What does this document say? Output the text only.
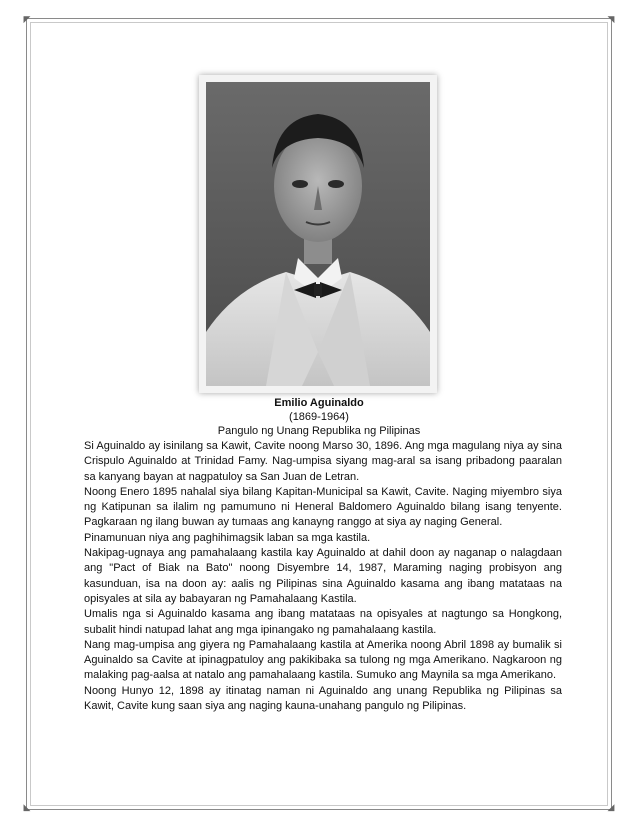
◤	◥
◣	◢
Emilio Aguinaldo
(1869-1964)
Pangulo ng Unang Republika ng Pilipinas

Si Aguinaldo ay isinilang sa Kawit, Cavite noong Marso 30, 1896. Ang mga magulang niya ay sina Crispulo Aguinaldo at Trinidad Famy. Nag-umpisa siyang mag-aral sa isang pribadong paaralan sa kanyang bayan at nagpatuloy sa San Juan de Letran.

Noong Enero 1895 nahalal siya bilang Kapitan-Municipal sa Kawit, Cavite. Naging miyembro siya ng Katipunan sa ilalim ng pamumuno ni Heneral Baldomero Aguinaldo bilang isang tenyente. Pagkaraan ng ilang buwan ay tumaas ang kanayng ranggo at siya ay naging General.

Pinamunuan niya ang paghihimagsik laban sa mga kastila.

Nakipag-ugnaya ang pamahalaang kastila kay Aguinaldo at dahil doon ay naganap o nalagdaan ang "Pact of Biak na Bato" noong Disyembre 14, 1987, Maraming naging probisyon ang kasunduan, isa na doon ay: aalis ng Pilipinas sina Aguinaldo kasama ang ibang matataas na opisyales at sila ay babayaran ng Pamahalaang Kastila.

Umalis nga si Aguinaldo kasama ang ibang matataas na opisyales at nagtungo sa Hongkong, subalit hindi natupad lahat ang mga ipinangako ng pamahalaang kastila.

Nang mag-umpisa ang giyera ng Pamahalaang kastila at Amerika noong Abril 1898 ay bumalik si Aguinaldo sa Cavite at ipinagpatuloy ang pakikibaka sa tulong ng mga Amerikano. Nagkaroon ng malaking pag-aalsa at natalo ang pamahalaang kastila. Sumuko ang Maynila sa mga Amerikano.

Noong Hunyo 12, 1898 ay itinatag naman ni Aguinaldo ang unang Republika ng Pilipinas sa Kawit, Cavite kung saan siya ang naging kauna-unahang pangulo ng Pilipinas.
